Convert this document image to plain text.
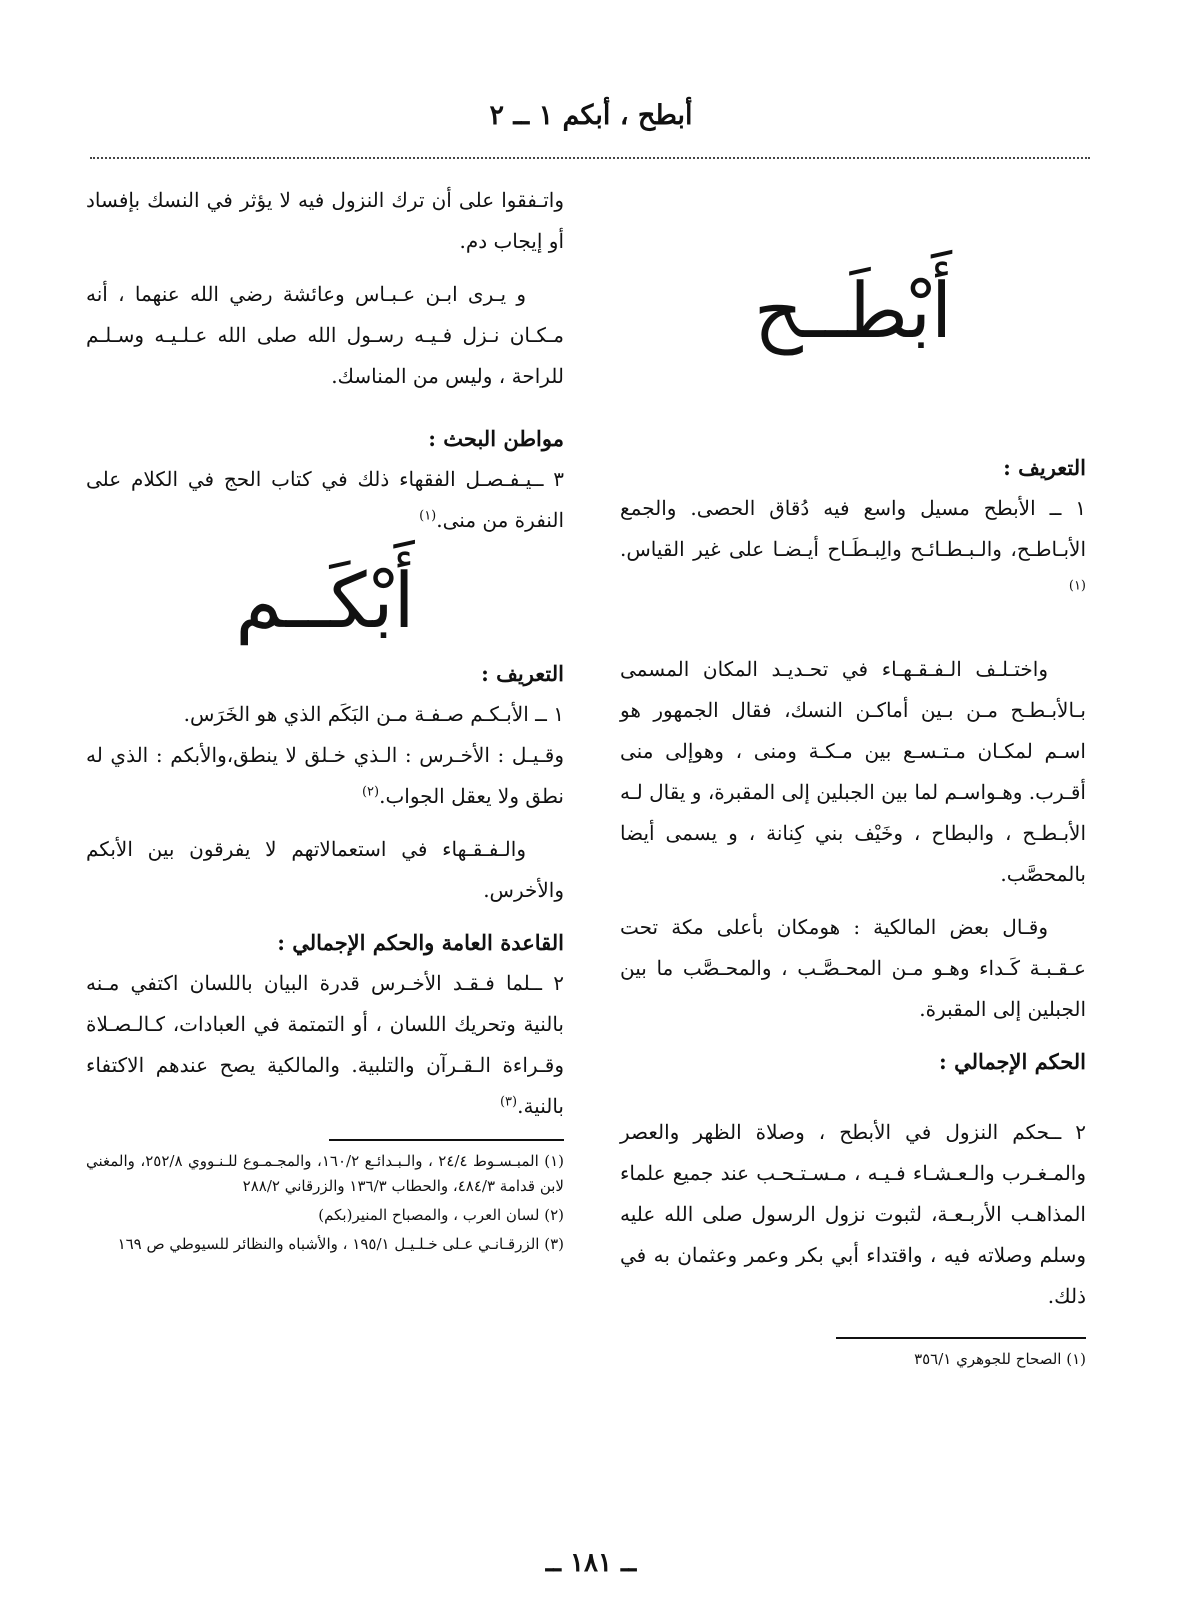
أبطح ، أبكم ١ ــ ٢
أَبْطَــح
التعريف :

١ ــ الأبطح مسيل واسع فيه دُقاق الحصى. والجمع الأبـاطـح، والـبـطـائـح والِبـطَـاح أيـضـا على غير القياس.$^{(١)}$

واختـلـف الـفـقـهـاء في تحـديـد المكان المسمى بـالأبـطـح مـن بـين أماكـن النسك، فقال الجمهور هو اسـم لمكـان مـتـسـع بين مـكـة ومنى ، وهوإلى منى أقـرب. وهـواسـم لما بين الجبلين إلى المقبرة، و يقال لـه الأبـطـح ، والبطاح ، وخَيْف بني كِنانة ، و يسمى أيضا بالمحصَّب.

وقـال بعض المالكية : هومكان بأعلى مكة تحت عـقـبـة كَـداء وهـو مـن المحـصَّـب ، والمحـصَّب ما بين الجبلين إلى المقبرة.

الحكم الإجمالي :

٢ ــحكم النزول في الأبطح ، وصلاة الظهر والعصر والمـغـرب والـعـشـاء فـيـه ، مـسـتـحـب عند جميع علماء المذاهـب الأربـعـة، لثبوت نزول الرسول صلى الله عليه وسلم وصلاته فيه ، واقتداء أبي بكر وعمر وعثمان به في ذلك.

(١) الصحاح للجوهري ٣٥٦/١

واتـفقوا على أن ترك النزول فيه لا يؤثر في النسك بإفساد أو إيجاب دم.

و يـرى ابـن عـبـاس وعائشة رضي الله عنهما ، أنه مـكـان نـزل فـيـه رسـول الله صلى الله عـلـيـه وسـلـم للراحة ، وليس من المناسك.

مواطن البحث :

٣ ــيـفـصـل الفقهاء ذلك في كتاب الحج في الكلام على النفرة من منى.$^{(١)}$

أَبْكَــم
التعريف :

١ ــ الأبـكـم صـفـة مـن البَكَم الذي هو الخَرَس.

وقـيـل : الأخـرس : الـذي خـلق لا ينطق،والأبكم : الذي له نطق ولا يعقل الجواب.$^{(٢)}$

والـفـقـهاء في استعمالاتهم لا يفرقون بين الأبكم والأخرس.

القاعدة العامة والحكم الإجمالي :

٢ ــلما فـقـد الأخـرس قدرة البيان باللسان اكتفي مـنه بالنية وتحريك اللسان ، أو التمتمة في العبادات، كـالـصـلاة وقـراءة الـقـرآن والتلبية. والمالكية يصح عندهم الاكتفاء بالنية.$^{(٣)}$

(١) المبـسـوط ٢٤/٤ ، والـبـدائـع ١٦٠/٢، والمجـمـوع للـنـووي ٢٥٢/٨، والمغني لابن قدامة ٤٨٤/٣، والحطاب ١٣٦/٣ والزرقاني ٢٨٨/٢
(٢) لسان العرب ، والمصباح المنير(بكم)
(٣) الزرقـانـي عـلى خـلـيـل ١٩٥/١ ، والأشباه والنظائر للسيوطي ص ١٦٩
ــ ١٨١ ــ
